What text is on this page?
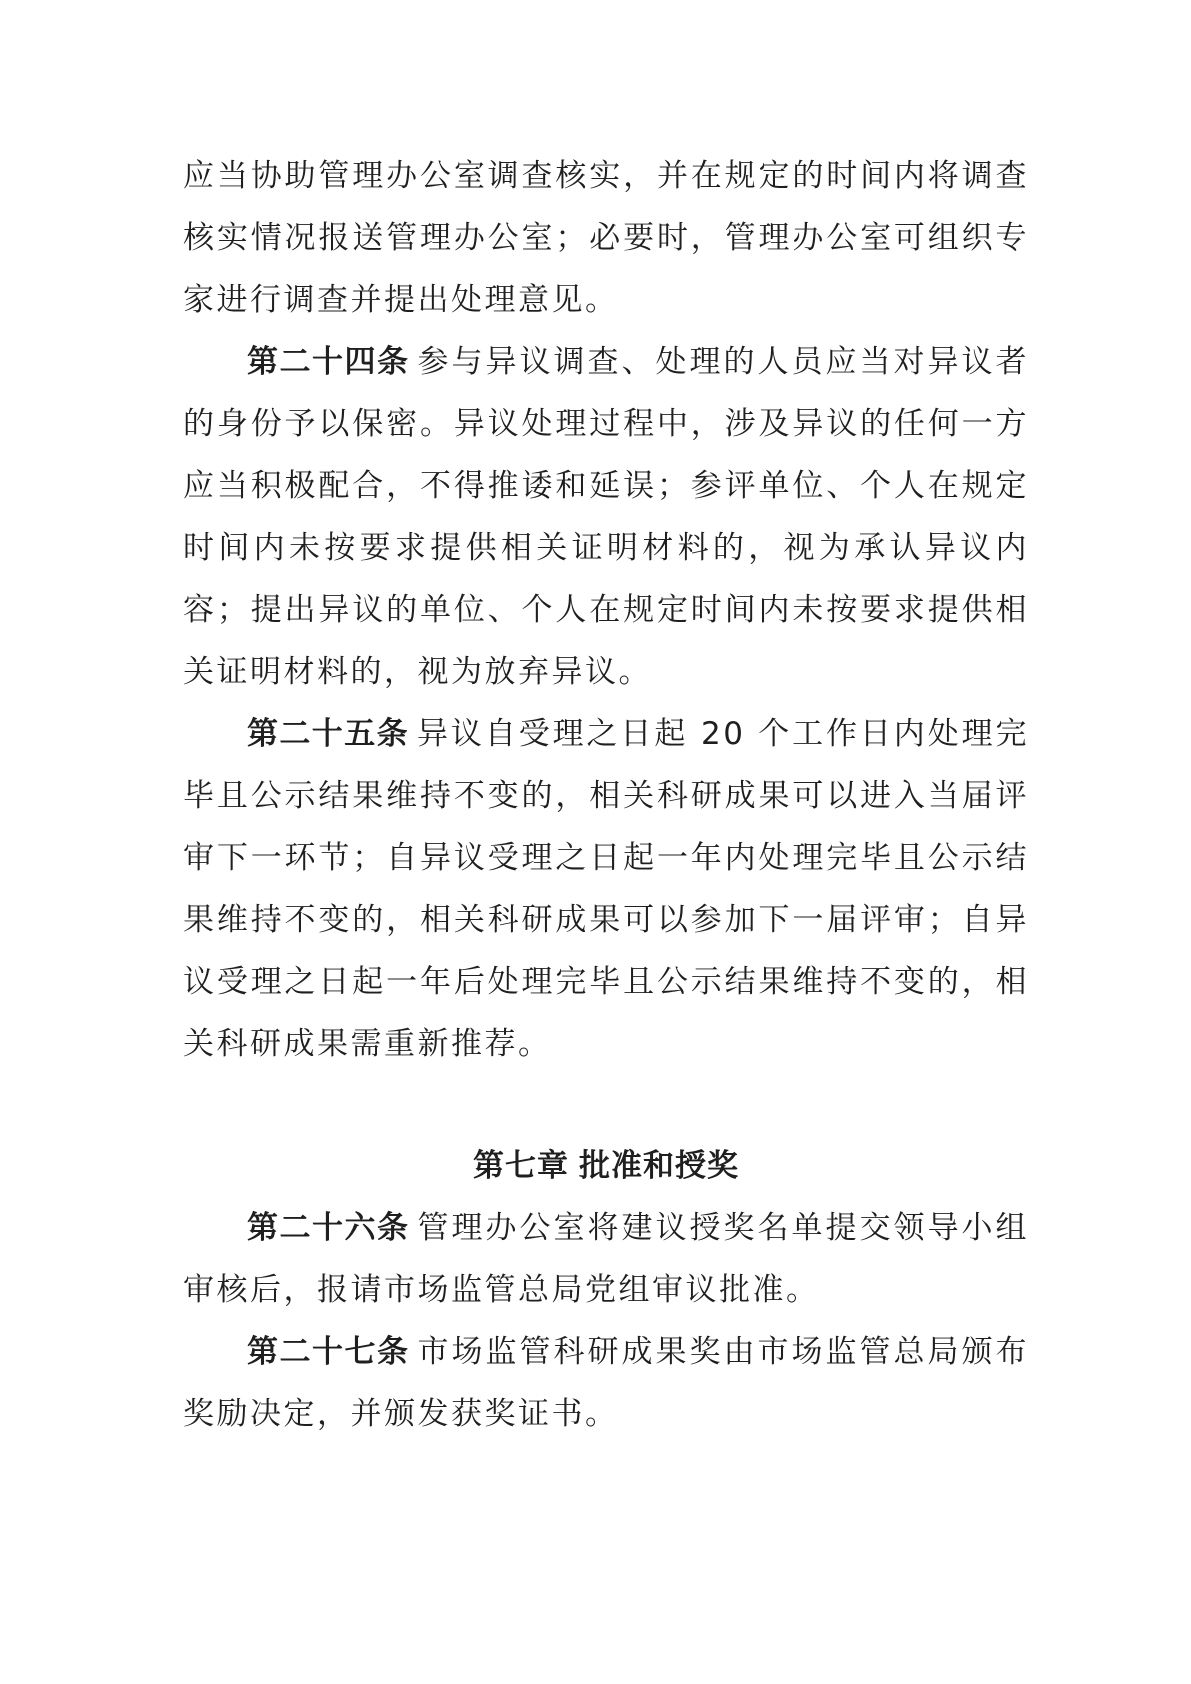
应当协助管理办公室调查核实，并在规定的时间内将调查核实情况报送管理办公室；必要时，管理办公室可组织专家进行调查并提出处理意见。

第二十四条 参与异议调查、处理的人员应当对异议者的身份予以保密。异议处理过程中，涉及异议的任何一方应当积极配合，不得推诿和延误；参评单位、个人在规定时间内未按要求提供相关证明材料的，视为承认异议内容；提出异议的单位、个人在规定时间内未按要求提供相关证明材料的，视为放弃异议。

第二十五条 异议自受理之日起 20 个工作日内处理完毕且公示结果维持不变的，相关科研成果可以进入当届评审下一环节；自异议受理之日起一年内处理完毕且公示结果维持不变的，相关科研成果可以参加下一届评审；自异议受理之日起一年后处理完毕且公示结果维持不变的，相关科研成果需重新推荐。

第七章 批准和授奖

第二十六条 管理办公室将建议授奖名单提交领导小组审核后，报请市场监管总局党组审议批准。

第二十七条 市场监管科研成果奖由市场监管总局颁布奖励决定，并颁发获奖证书。
